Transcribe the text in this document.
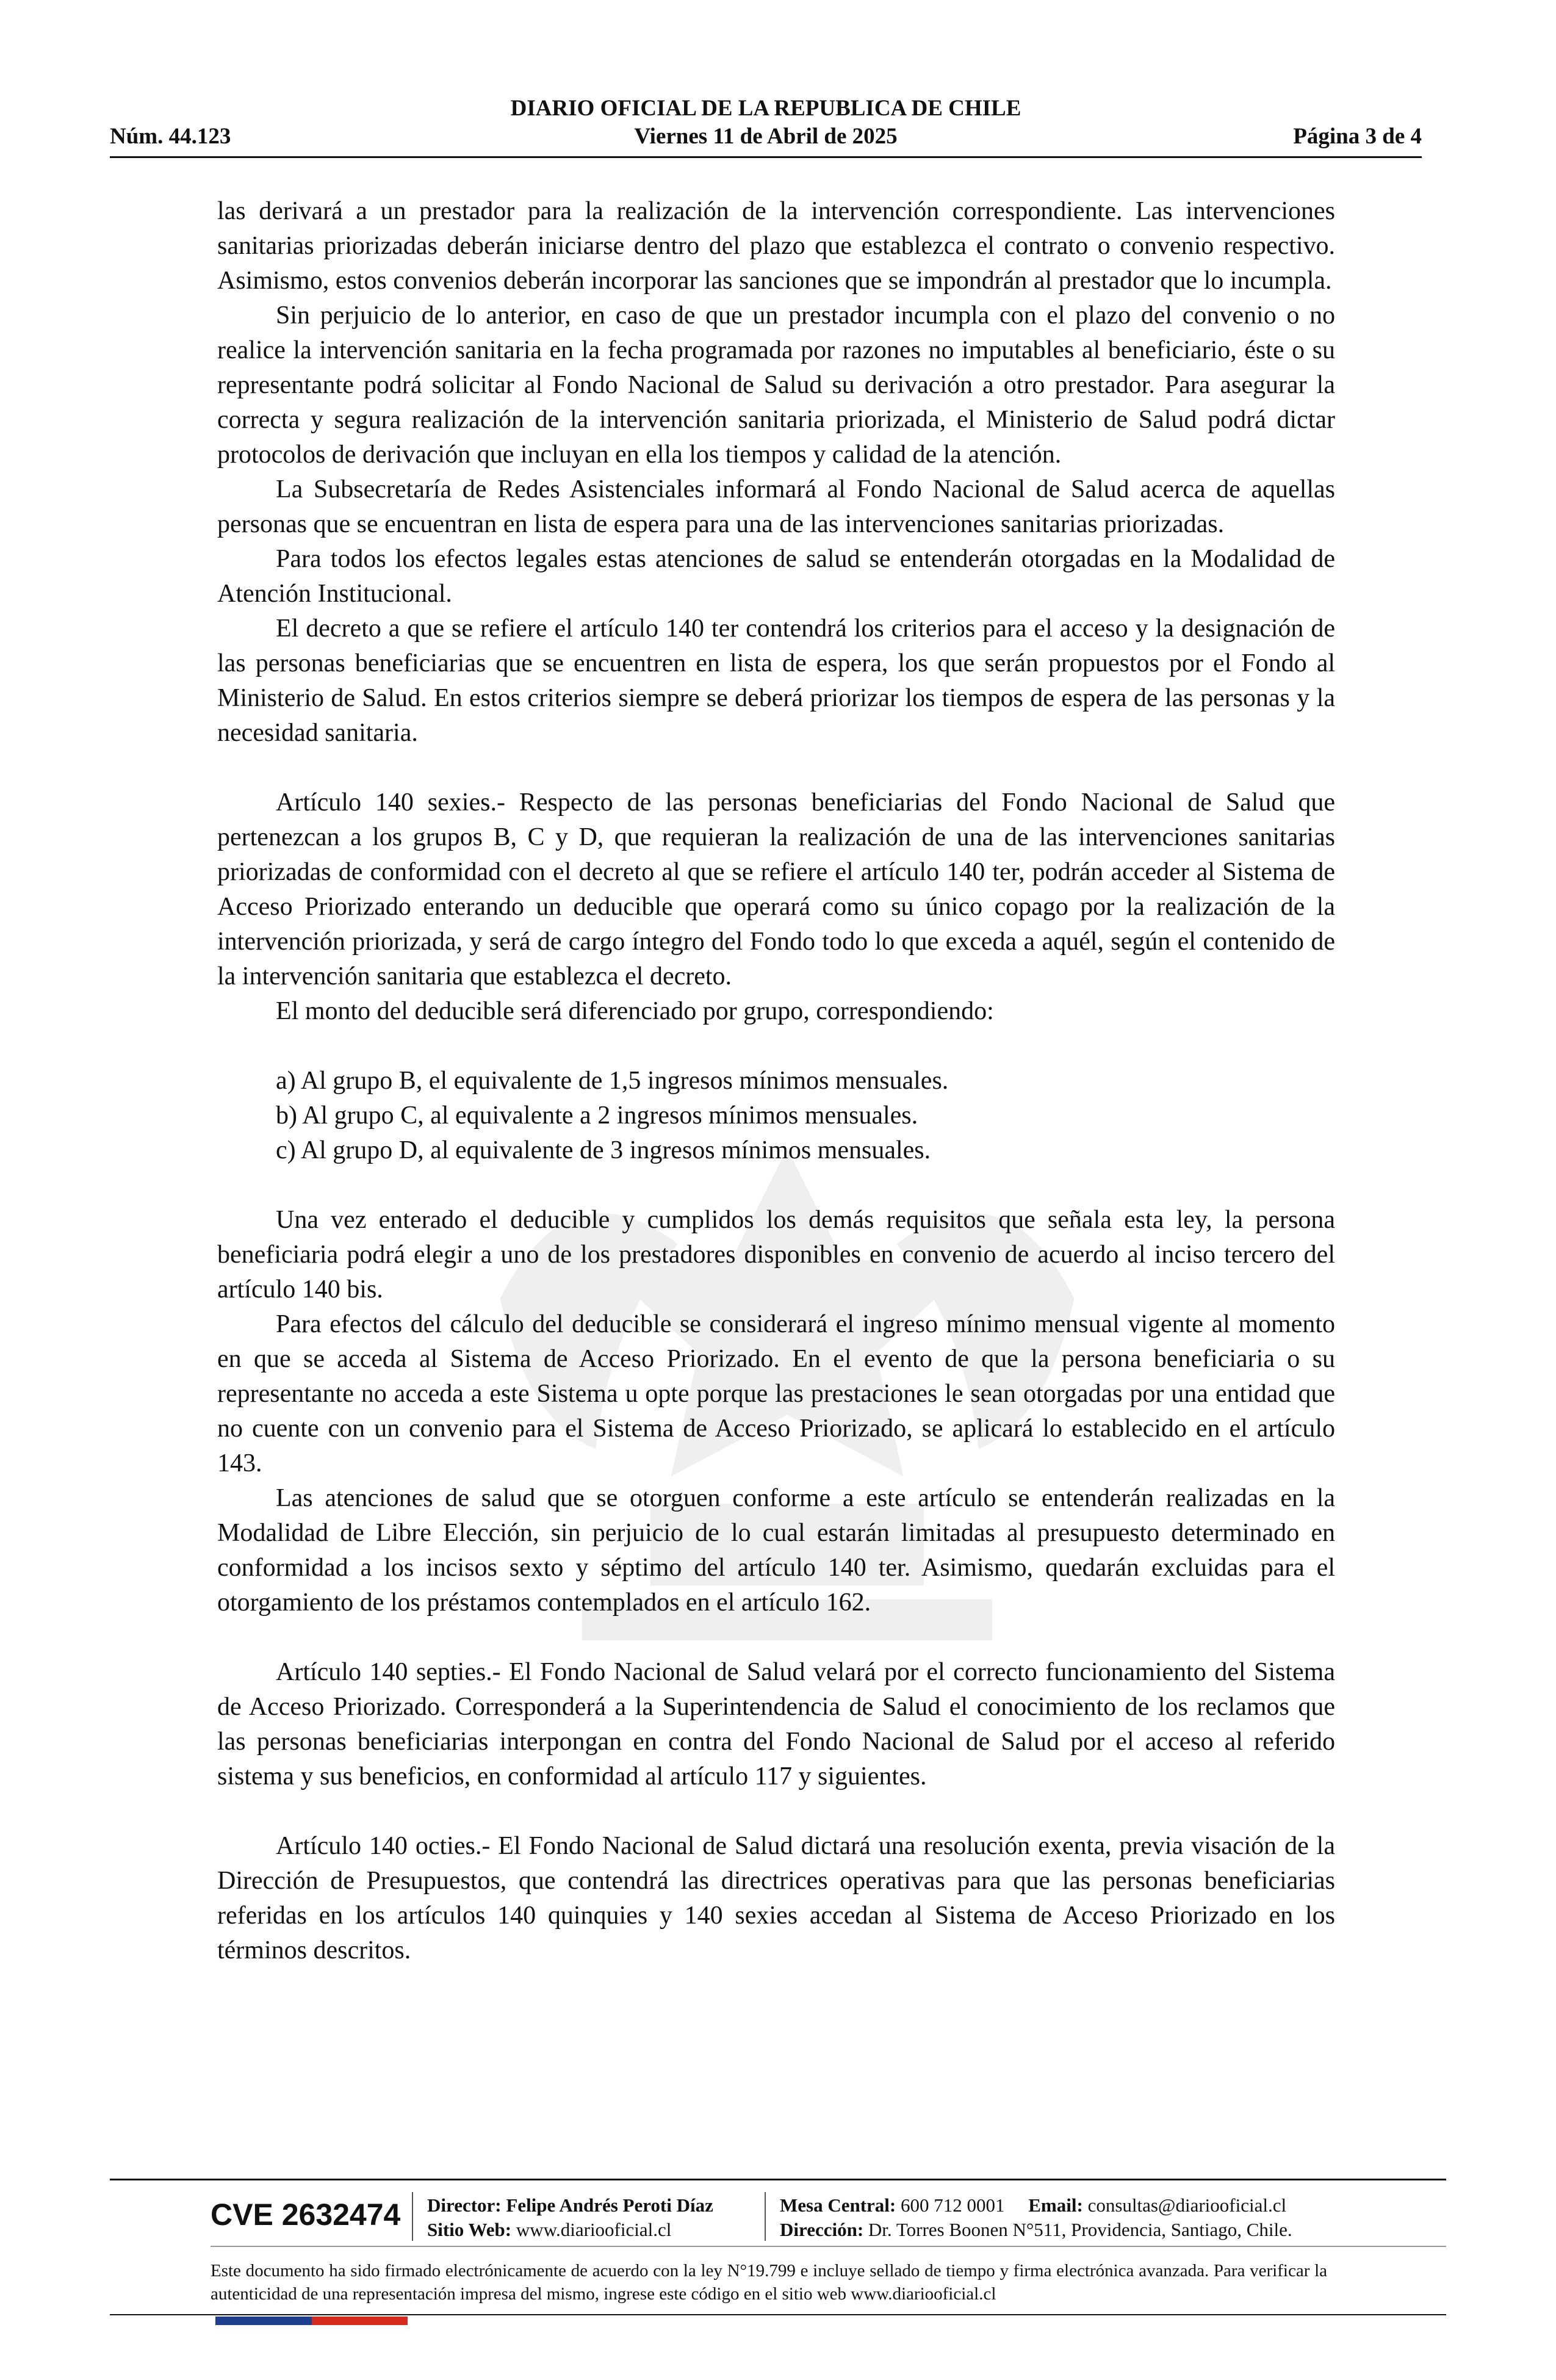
DIARIO OFICIAL DE LA REPUBLICA DE CHILE
Núm. 44.123	Viernes 11 de Abril de 2025	Página 3 de 4

las derivará a un prestador para la realización de la intervención correspondiente. Las intervenciones sanitarias priorizadas deberán iniciarse dentro del plazo que establezca el contrato o convenio respectivo. Asimismo, estos convenios deberán incorporar las sanciones que se impondrán al prestador que lo incumpla.

Sin perjuicio de lo anterior, en caso de que un prestador incumpla con el plazo del convenio o no realice la intervención sanitaria en la fecha programada por razones no imputables al beneficiario, éste o su representante podrá solicitar al Fondo Nacional de Salud su derivación a otro prestador. Para asegurar la correcta y segura realización de la intervención sanitaria priorizada, el Ministerio de Salud podrá dictar protocolos de derivación que incluyan en ella los tiempos y calidad de la atención.

La Subsecretaría de Redes Asistenciales informará al Fondo Nacional de Salud acerca de aquellas personas que se encuentran en lista de espera para una de las intervenciones sanitarias priorizadas.

Para todos los efectos legales estas atenciones de salud se entenderán otorgadas en la Modalidad de Atención Institucional.

El decreto a que se refiere el artículo 140 ter contendrá los criterios para el acceso y la designación de las personas beneficiarias que se encuentren en lista de espera, los que serán propuestos por el Fondo al Ministerio de Salud. En estos criterios siempre se deberá priorizar los tiempos de espera de las personas y la necesidad sanitaria.

Artículo 140 sexies.- Respecto de las personas beneficiarias del Fondo Nacional de Salud que pertenezcan a los grupos B, C y D, que requieran la realización de una de las intervenciones sanitarias priorizadas de conformidad con el decreto al que se refiere el artículo 140 ter, podrán acceder al Sistema de Acceso Priorizado enterando un deducible que operará como su único copago por la realización de la intervención priorizada, y será de cargo íntegro del Fondo todo lo que exceda a aquél, según el contenido de la intervención sanitaria que establezca el decreto.

El monto del deducible será diferenciado por grupo, correspondiendo:

a) Al grupo B, el equivalente de 1,5 ingresos mínimos mensuales.
b) Al grupo C, al equivalente a 2 ingresos mínimos mensuales.
c) Al grupo D, al equivalente de 3 ingresos mínimos mensuales.

Una vez enterado el deducible y cumplidos los demás requisitos que señala esta ley, la persona beneficiaria podrá elegir a uno de los prestadores disponibles en convenio de acuerdo al inciso tercero del artículo 140 bis.

Para efectos del cálculo del deducible se considerará el ingreso mínimo mensual vigente al momento en que se acceda al Sistema de Acceso Priorizado. En el evento de que la persona beneficiaria o su representante no acceda a este Sistema u opte porque las prestaciones le sean otorgadas por una entidad que no cuente con un convenio para el Sistema de Acceso Priorizado, se aplicará lo establecido en el artículo 143.

Las atenciones de salud que se otorguen conforme a este artículo se entenderán realizadas en la Modalidad de Libre Elección, sin perjuicio de lo cual estarán limitadas al presupuesto determinado en conformidad a los incisos sexto y séptimo del artículo 140 ter. Asimismo, quedarán excluidas para el otorgamiento de los préstamos contemplados en el artículo 162.

Artículo 140 septies.- El Fondo Nacional de Salud velará por el correcto funcionamiento del Sistema de Acceso Priorizado. Corresponderá a la Superintendencia de Salud el conocimiento de los reclamos que las personas beneficiarias interpongan en contra del Fondo Nacional de Salud por el acceso al referido sistema y sus beneficios, en conformidad al artículo 117 y siguientes.

Artículo 140 octies.- El Fondo Nacional de Salud dictará una resolución exenta, previa visación de la Dirección de Presupuestos, que contendrá las directrices operativas para que las personas beneficiarias referidas en los artículos 140 quinquies y 140 sexies accedan al Sistema de Acceso Priorizado en los términos descritos.

CVE 2632474 Director: Felipe Andrés Peroti Díaz
Sitio Web: www.diariooficial.cl
Mesa Central: 600 712 0001 Email: consultas@diariooficial.cl
Dirección: Dr. Torres Boonen N°511, Providencia, Santiago, Chile.
Este documento ha sido firmado electrónicamente de acuerdo con la ley N°19.799 e incluye sellado de tiempo y firma electrónica avanzada. Para verificar la autenticidad de una representación impresa del mismo, ingrese este código en el sitio web www.diariooficial.cl
